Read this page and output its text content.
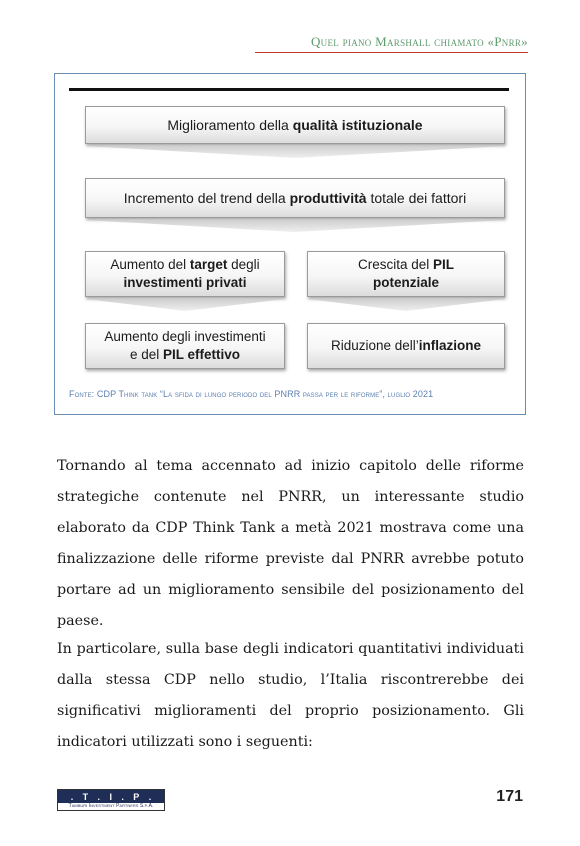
Quel piano Marshall chiamato «Pnrr»
Miglioramento della qualità istituzionale
Incremento del trend della produttività totale dei fattori
Aumento del target degli
investimenti privati
Crescita del PIL
potenziale
Aumento degli investimenti
e del PIL effettivo
Riduzione dell’inflazione
Fonte: CDP Think tank “La sfida di lungo periodo del PNRR passa per le riforme”, luglio 2021

Tornando al tema accennato ad inizio capitolo delle riforme strategiche contenute nel PNRR, un interessante studio elaborato da CDP Think Tank a metà 2021 mostrava come una finalizzazione delle riforme previste dal PNRR avrebbe potuto portare ad un miglioramento sensibile del posizionamento del paese.

In particolare, sulla base degli indicatori quantitativi individuati dalla stessa CDP nello studio, l’Italia riscontrerebbe dei significativi miglioramenti del proprio posizionamento. Gli indicatori utilizzati sono i seguenti:

. T . I . P .
Tamburi Investment Partners S.p.A.
171
